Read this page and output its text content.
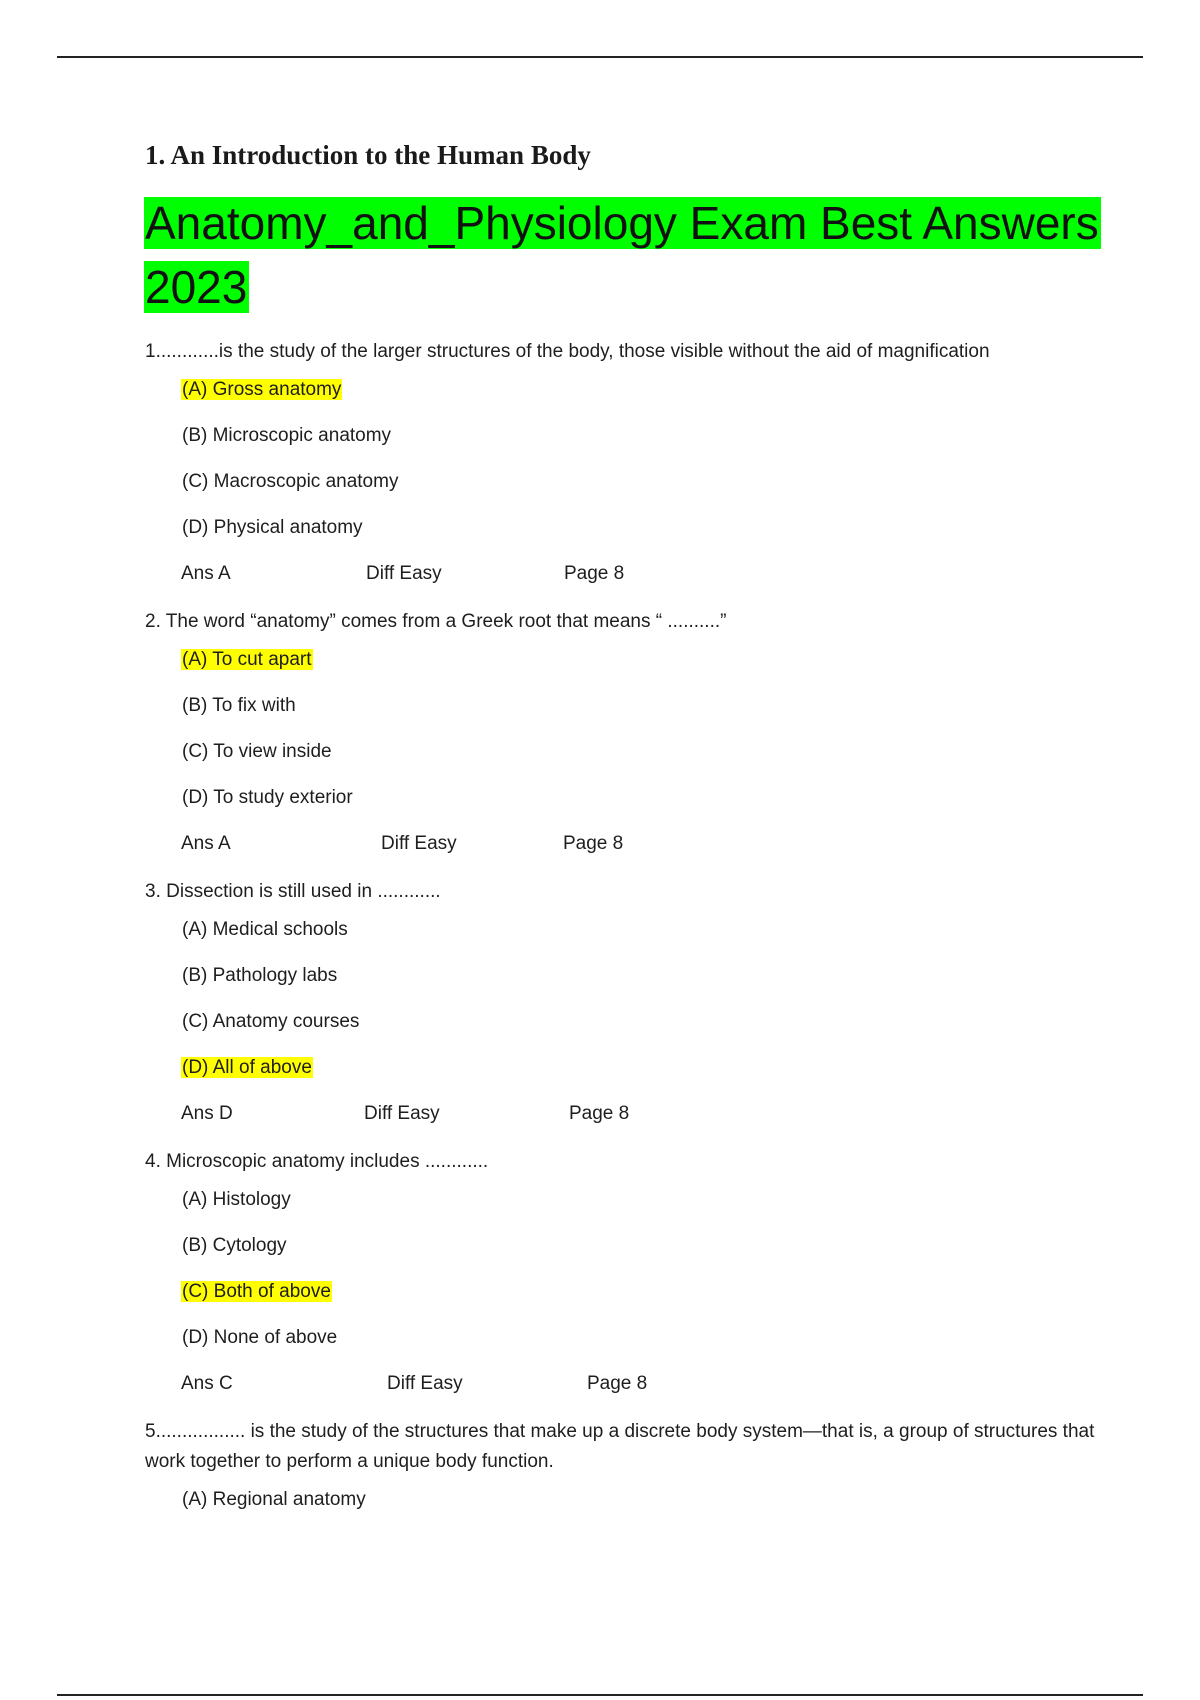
1. An Introduction to the Human Body
Anatomy_and_Physiology Exam Best Answers 2023

1............is the study of the larger structures of the body, those visible without the aid of magnification

(A) Gross anatomy
(B) Microscopic anatomy
(C) Macroscopic anatomy
(D) Physical anatomy
Ans A	Diff Easy	Page 8

2. The word “anatomy” comes from a Greek root that means “ ..........”

(A) To cut apart
(B) To fix with
(C) To view inside
(D) To study exterior
Ans A	Diff Easy	Page 8

3. Dissection is still used in ............

(A) Medical schools
(B) Pathology labs
(C) Anatomy courses
(D) All of above
Ans D	Diff Easy	Page 8

4. Microscopic anatomy includes ............

(A) Histology
(B) Cytology
(C) Both of above
(D) None of above
Ans C	Diff Easy	Page 8

5................. is the study of the structures that make up a discrete body system—that is, a group of structures that work together to perform a unique body function.

(A) Regional anatomy
